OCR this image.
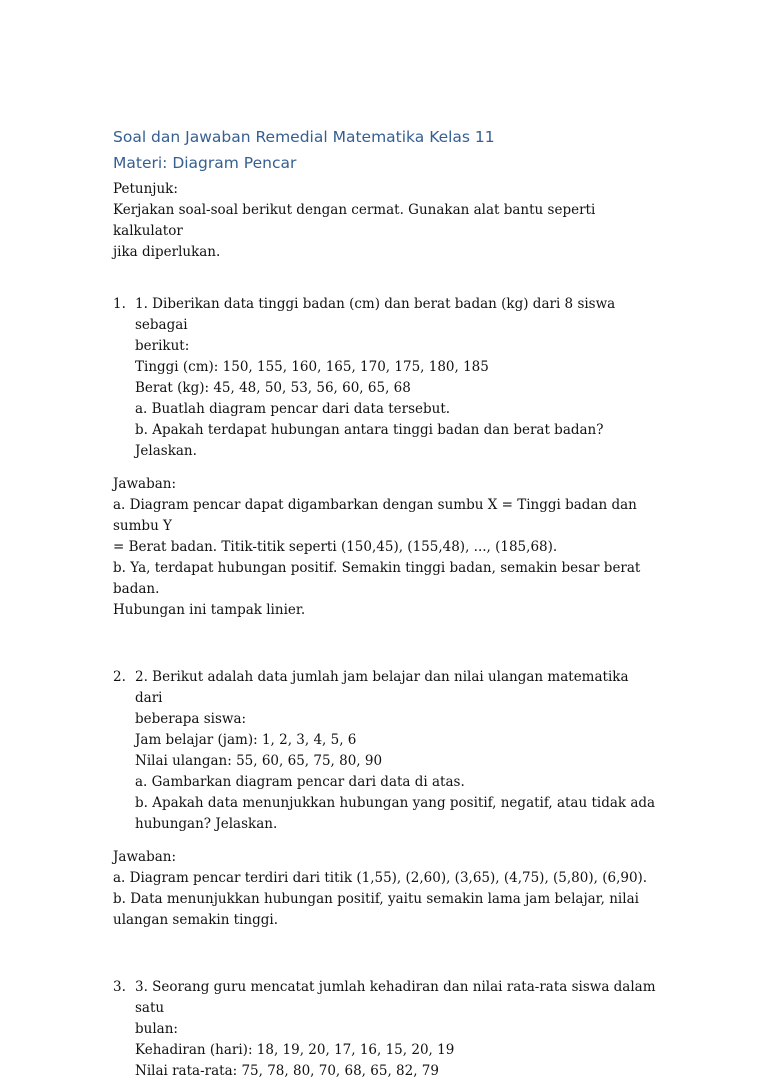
Soal dan Jawaban Remedial Matematika Kelas 11
Materi: Diagram Pencar

Petunjuk:

Kerjakan soal-soal berikut dengan cermat. Gunakan alat bantu seperti kalkulator
jika diperlukan.

1. 1. Diberikan data tinggi badan (cm) dan berat badan (kg) dari 8 siswa sebagai
berikut:
Tinggi (cm): 150, 155, 160, 165, 170, 175, 180, 185
Berat (kg): 45, 48, 50, 53, 56, 60, 65, 68
a. Buatlah diagram pencar dari data tersebut.
b. Apakah terdapat hubungan antara tinggi badan dan berat badan? Jelaskan.
Jawaban:
a. Diagram pencar dapat digambarkan dengan sumbu X = Tinggi badan dan sumbu Y
= Berat badan. Titik-titik seperti (150,45), (155,48), ..., (185,68).
b. Ya, terdapat hubungan positif. Semakin tinggi badan, semakin besar berat badan.
Hubungan ini tampak linier.
2. 2. Berikut adalah data jumlah jam belajar dan nilai ulangan matematika dari
beberapa siswa:
Jam belajar (jam): 1, 2, 3, 4, 5, 6
Nilai ulangan: 55, 60, 65, 75, 80, 90
a. Gambarkan diagram pencar dari data di atas.
b. Apakah data menunjukkan hubungan yang positif, negatif, atau tidak ada
hubungan? Jelaskan.
Jawaban:
a. Diagram pencar terdiri dari titik (1,55), (2,60), (3,65), (4,75), (5,80), (6,90).
b. Data menunjukkan hubungan positif, yaitu semakin lama jam belajar, nilai
ulangan semakin tinggi.
3. 3. Seorang guru mencatat jumlah kehadiran dan nilai rata-rata siswa dalam satu
bulan:
Kehadiran (hari): 18, 19, 20, 17, 16, 15, 20, 19
Nilai rata-rata: 75, 78, 80, 70, 68, 65, 82, 79
